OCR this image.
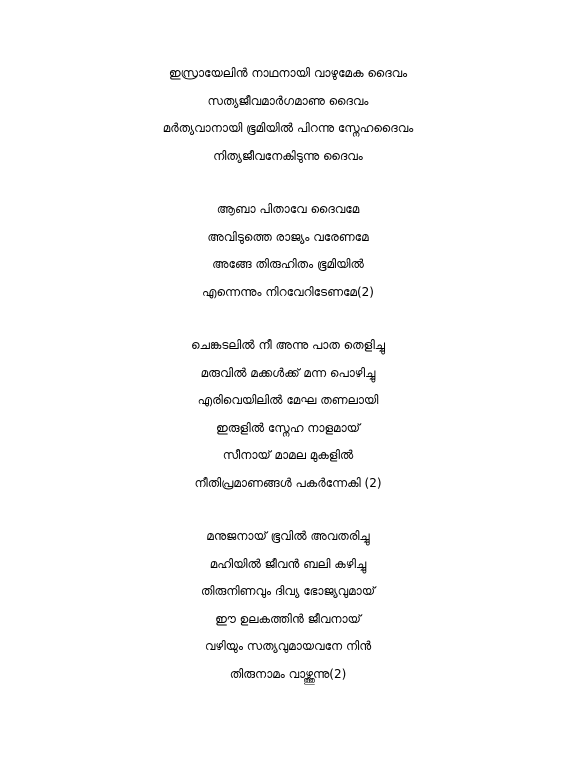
ഇസ്രായേലിൻ നാഥനായി വാഴുമേക ദൈവം
സത്യജീവമാർഗമാണു ദൈവം
മർത്യവാനായി ഭൂമിയിൽ പിറന്നു സ്നേഹദൈവം
നിത്യജീവനേകിടുന്നു ദൈവം
ആബാ പിതാവേ ദൈവമേ
അവിടുത്തെ രാജ്യം വരേണമേ
അങ്ങേ തിരുഹിതം ഭൂമിയിൽ
എന്നെന്നും നിറവേറിടേണമേ(2)
ചെങ്കടലിൽ നീ അന്നു പാത തെളിച്ചു
മരുവിൽ മക്കൾക്ക് മന്ന പൊഴിച്ചു
എരിവെയിലിൽ മേഘ തണലായി
ഇരുളിൽ സ്നേഹ നാളമായ്
സീനായ് മാമല മുകളിൽ
നീതിപ്രമാണങ്ങൾ പകർന്നേകി (2)
മനുജനായ് ഭൂവിൽ അവതരിച്ചു
മഹിയിൽ ജീവൻ ബലി കഴിച്ചു
തിരുനിണവും ദിവ്യ ഭോജ്യവുമായ്
ഈ ഉലകത്തിൻ ജീവനായ്
വഴിയും സത്യവുമായവനേ നിൻ
തിരുനാമം വാഴ്ത്തുന്നു(2)
